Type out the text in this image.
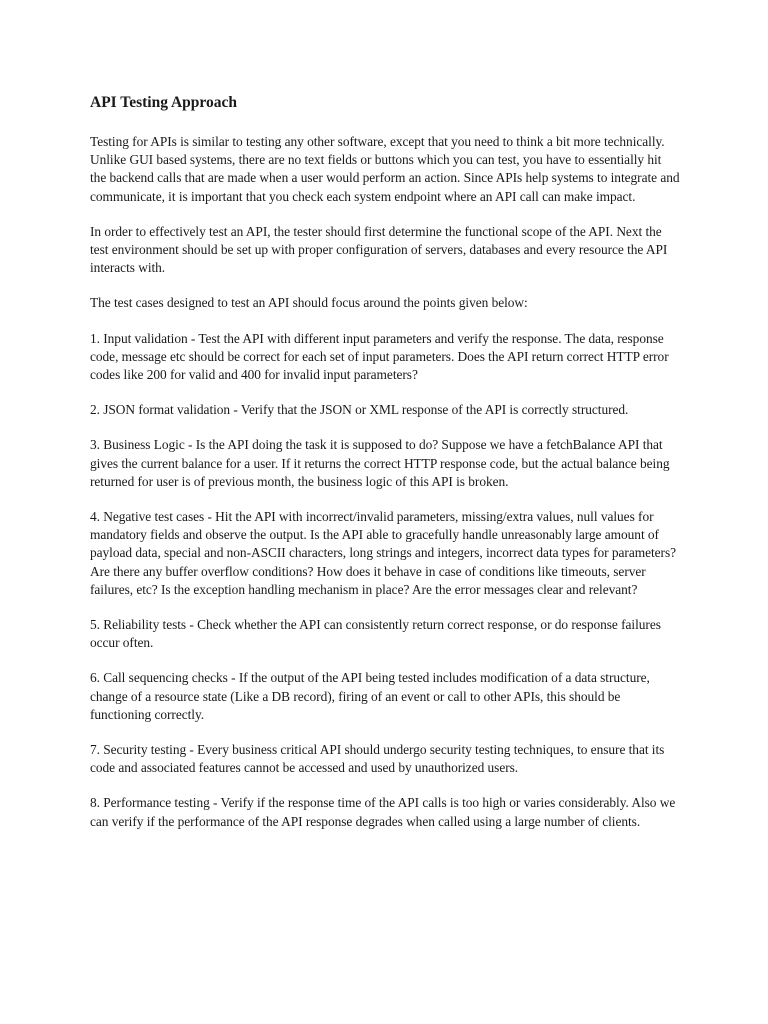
API Testing Approach

Testing for APIs is similar to testing any other software, except that you need to think a bit more technically. Unlike GUI based systems, there are no text fields or buttons which you can test, you have to essentially hit the backend calls that are made when a user would perform an action. Since APIs help systems to integrate and communicate, it is important that you check each system endpoint where an API call can make impact.

In order to effectively test an API, the tester should first determine the functional scope of the API. Next the test environment should be set up with proper configuration of servers, databases and every resource the API interacts with.

The test cases designed to test an API should focus around the points given below:

1. Input validation - Test the API with different input parameters and verify the response. The data, response code, message etc should be correct for each set of input parameters. Does the API return correct HTTP error codes like 200 for valid and 400 for invalid input parameters?

2. JSON format validation - Verify that the JSON or XML response of the API is correctly structured.

3. Business Logic - Is the API doing the task it is supposed to do? Suppose we have a fetchBalance API that gives the current balance for a user. If it returns the correct HTTP response code, but the actual balance being returned for user is of previous month, the business logic of this API is broken.

4. Negative test cases - Hit the API with incorrect/invalid parameters, missing/extra values, null values for mandatory fields and observe the output. Is the API able to gracefully handle unreasonably large amount of payload data, special and non-ASCII characters, long strings and integers, incorrect data types for parameters? Are there any buffer overflow conditions? How does it behave in case of conditions like timeouts, server failures, etc? Is the exception handling mechanism in place? Are the error messages clear and relevant?

5. Reliability tests - Check whether the API can consistently return correct response, or do response failures occur often.

6. Call sequencing checks - If the output of the API being tested includes modification of a data structure, change of a resource state (Like a DB record), firing of an event or call to other APIs, this should be functioning correctly.

7. Security testing - Every business critical API should undergo security testing techniques, to ensure that its code and associated features cannot be accessed and used by unauthorized users.

8. Performance testing - Verify if the response time of the API calls is too high or varies considerably. Also we can verify if the performance of the API response degrades when called using a large number of clients.
